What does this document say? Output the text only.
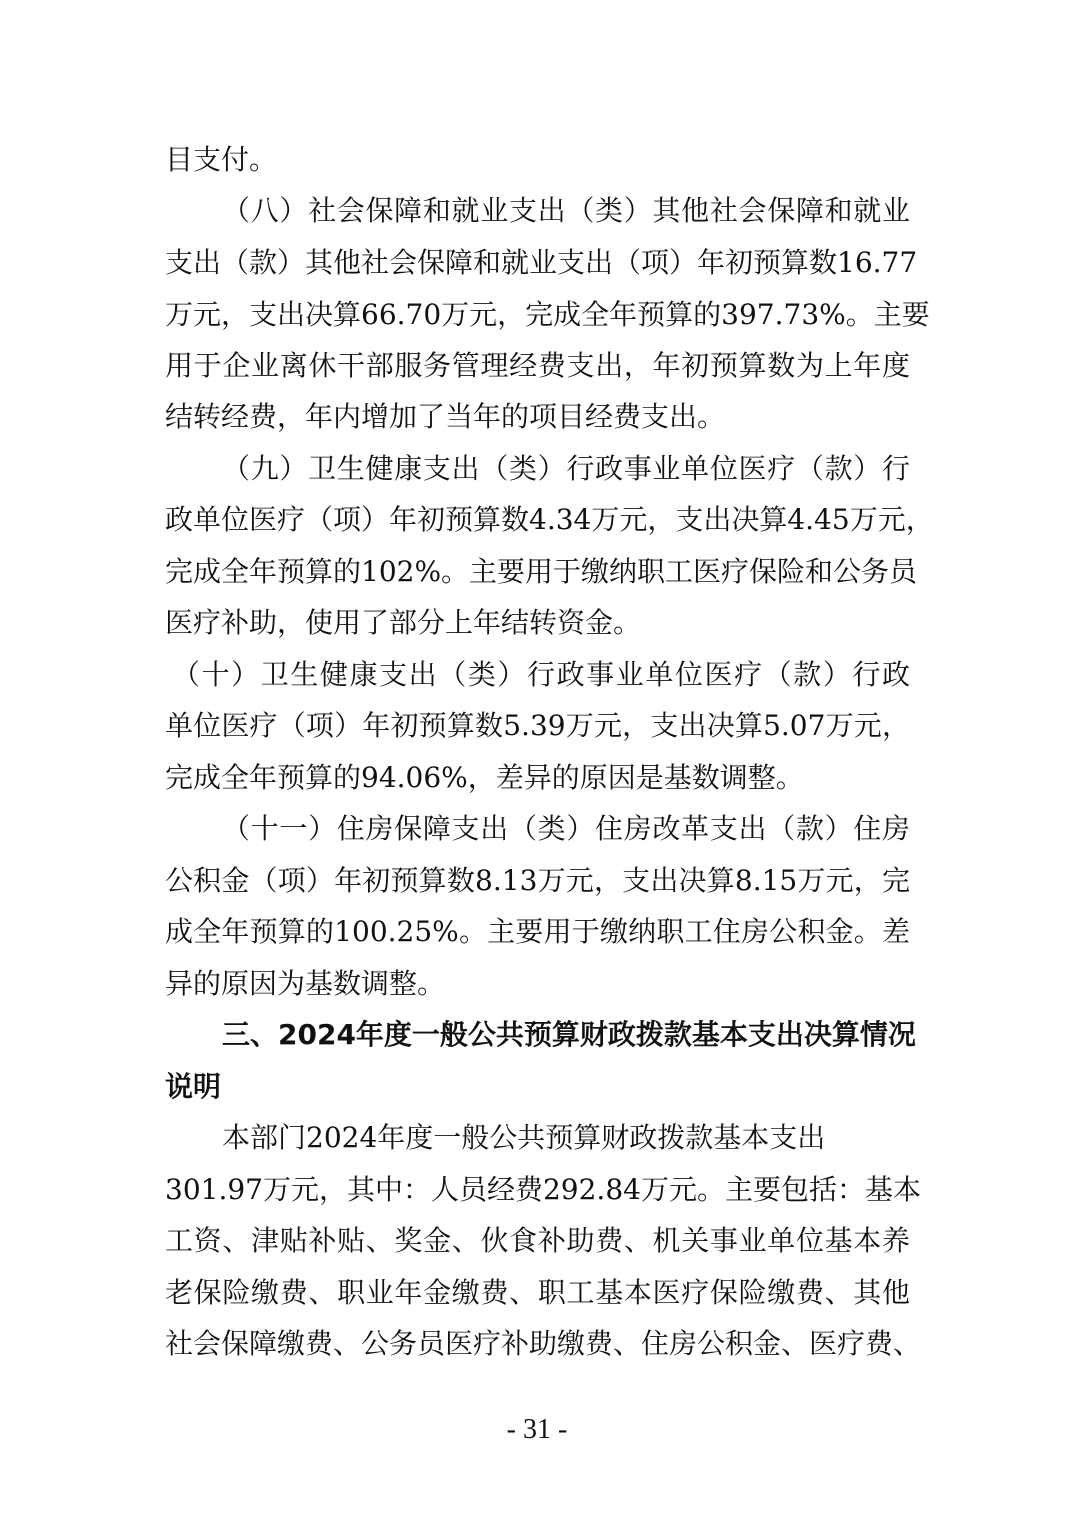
目支付。
（八）社会保障和就业支出（类）其他社会保障和就业
支出（款）其他社会保障和就业支出（项）年初预算数16.77
万元，支出决算66.70万元，完成全年预算的397.73%。主要
用于企业离休干部服务管理经费支出，年初预算数为上年度
结转经费，年内增加了当年的项目经费支出。
（九）卫生健康支出（类）行政事业单位医疗（款）行
政单位医疗（项）年初预算数4.34万元，支出决算4.45万元，
完成全年预算的102%。主要用于缴纳职工医疗保险和公务员
医疗补助，使用了部分上年结转资金。
（十）卫生健康支出（类）行政事业单位医疗（款）行政
单位医疗（项）年初预算数5.39万元，支出决算5.07万元，
完成全年预算的94.06%，差异的原因是基数调整。
（十一）住房保障支出（类）住房改革支出（款）住房
公积金（项）年初预算数8.13万元，支出决算8.15万元，完
成全年预算的100.25%。主要用于缴纳职工住房公积金。差
异的原因为基数调整。
三、2024年度一般公共预算财政拨款基本支出决算情况
说明
本部门2024年度一般公共预算财政拨款基本支出
301.97万元，其中：人员经费292.84万元。主要包括：基本
工资、津贴补贴、奖金、伙食补助费、机关事业单位基本养
老保险缴费、职业年金缴费、职工基本医疗保险缴费、其他
社会保障缴费、公务员医疗补助缴费、住房公积金、医疗费、
- 31 -
